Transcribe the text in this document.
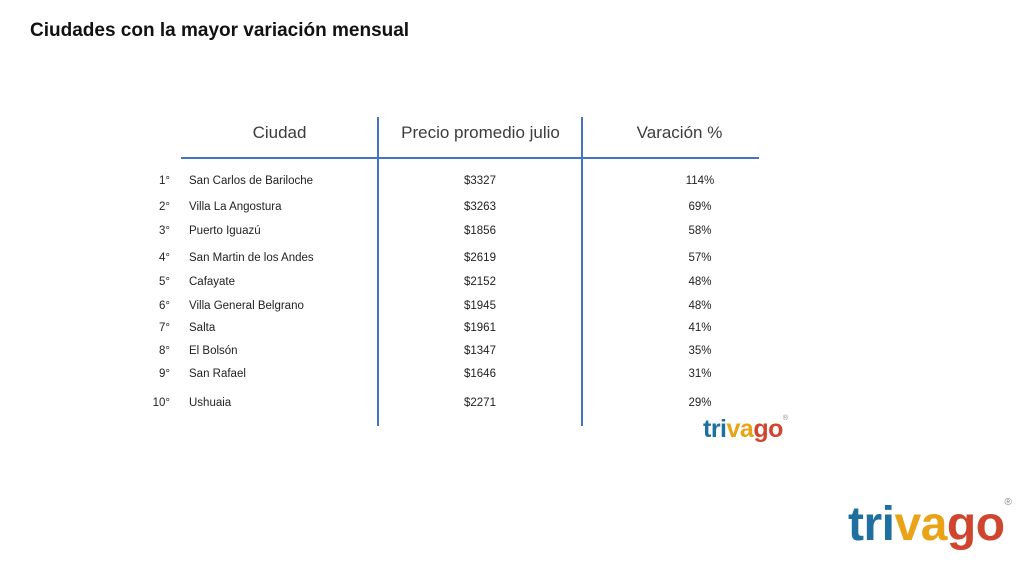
Ciudades con la mayor variación mensual
Ciudad	Precio promedio julio	Varación %
1° San Carlos de Bariloche	$3327	114%
2° Villa La Angostura	$3263	69%
3° Puerto Iguazú	$1856	58%
4° San Martin de los Andes	$2619	57%
5° Cafayate	$2152	48%
6° Villa General Belgrano	$1945	48%
7° Salta	$1961	41%
8° El Bolsón	$1347	35%
9° San Rafael	$1646	31%
10° Ushuaia	$2271	29%
trivago®
trivago®
